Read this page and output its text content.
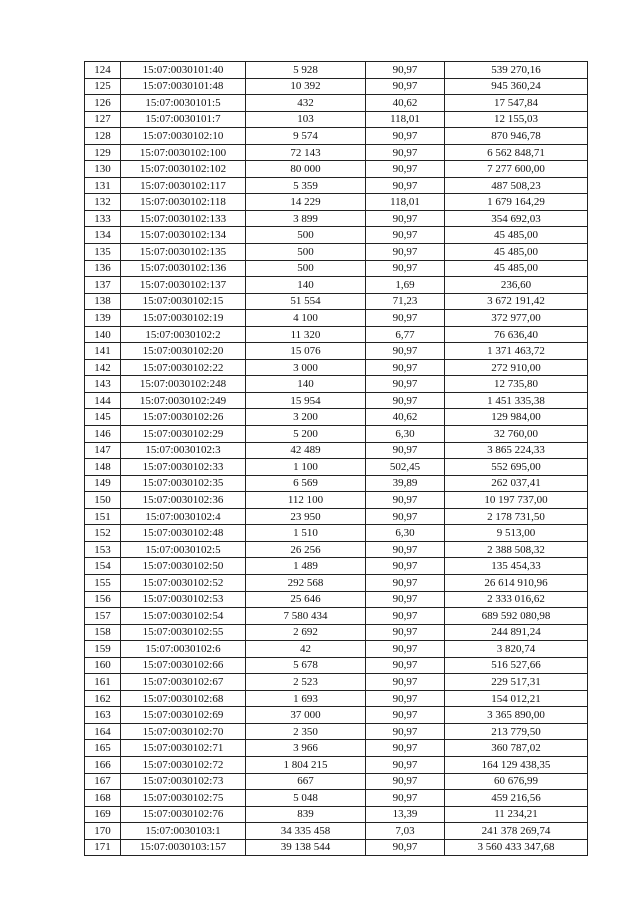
124	15:07:0030101:40	5 928	90,97	539 270,16
125	15:07:0030101:48	10 392	90,97	945 360,24
126	15:07:0030101:5	432	40,62	17 547,84
127	15:07:0030101:7	103	118,01	12 155,03
128	15:07:0030102:10	9 574	90,97	870 946,78
129	15:07:0030102:100	72 143	90,97	6 562 848,71
130	15:07:0030102:102	80 000	90,97	7 277 600,00
131	15:07:0030102:117	5 359	90,97	487 508,23
132	15:07:0030102:118	14 229	118,01	1 679 164,29
133	15:07:0030102:133	3 899	90,97	354 692,03
134	15:07:0030102:134	500	90,97	45 485,00
135	15:07:0030102:135	500	90,97	45 485,00
136	15:07:0030102:136	500	90,97	45 485,00
137	15:07:0030102:137	140	1,69	236,60
138	15:07:0030102:15	51 554	71,23	3 672 191,42
139	15:07:0030102:19	4 100	90,97	372 977,00
140	15:07:0030102:2	11 320	6,77	76 636,40
141	15:07:0030102:20	15 076	90,97	1 371 463,72
142	15:07:0030102:22	3 000	90,97	272 910,00
143	15:07:0030102:248	140	90,97	12 735,80
144	15:07:0030102:249	15 954	90,97	1 451 335,38
145	15:07:0030102:26	3 200	40,62	129 984,00
146	15:07:0030102:29	5 200	6,30	32 760,00
147	15:07:0030102:3	42 489	90,97	3 865 224,33
148	15:07:0030102:33	1 100	502,45	552 695,00
149	15:07:0030102:35	6 569	39,89	262 037,41
150	15:07:0030102:36	112 100	90,97	10 197 737,00
151	15:07:0030102:4	23 950	90,97	2 178 731,50
152	15:07:0030102:48	1 510	6,30	9 513,00
153	15:07:0030102:5	26 256	90,97	2 388 508,32
154	15:07:0030102:50	1 489	90,97	135 454,33
155	15:07:0030102:52	292 568	90,97	26 614 910,96
156	15:07:0030102:53	25 646	90,97	2 333 016,62
157	15:07:0030102:54	7 580 434	90,97	689 592 080,98
158	15:07:0030102:55	2 692	90,97	244 891,24
159	15:07:0030102:6	42	90,97	3 820,74
160	15:07:0030102:66	5 678	90,97	516 527,66
161	15:07:0030102:67	2 523	90,97	229 517,31
162	15:07:0030102:68	1 693	90,97	154 012,21
163	15:07:0030102:69	37 000	90,97	3 365 890,00
164	15:07:0030102:70	2 350	90,97	213 779,50
165	15:07:0030102:71	3 966	90,97	360 787,02
166	15:07:0030102:72	1 804 215	90,97	164 129 438,35
167	15:07:0030102:73	667	90,97	60 676,99
168	15:07:0030102:75	5 048	90,97	459 216,56
169	15:07:0030102:76	839	13,39	11 234,21
170	15:07:0030103:1	34 335 458	7,03	241 378 269,74
171	15:07:0030103:157	39 138 544	90,97	3 560 433 347,68
